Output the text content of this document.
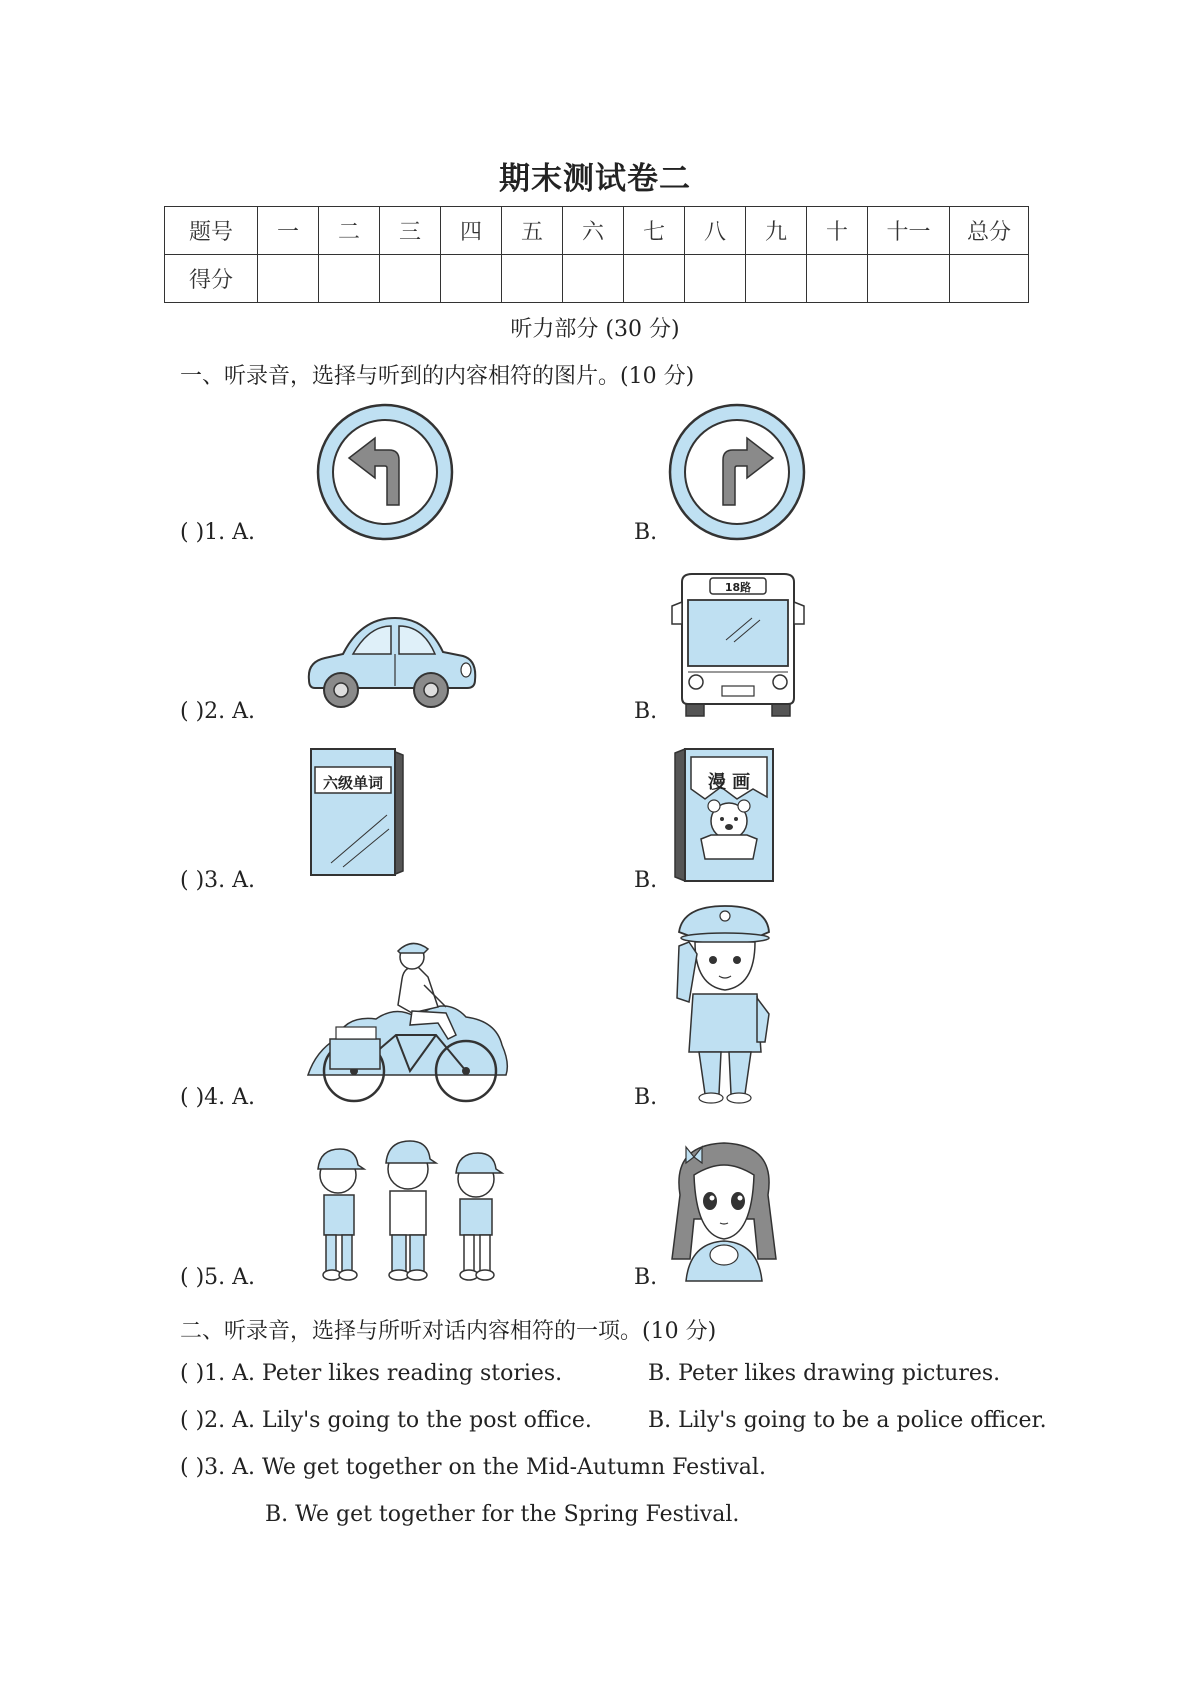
期末测试卷二
题号	一	二	三	四	五	六	七	八	九	十	十一	总分
得分												
听力部分 (30 分)
一、听录音，选择与听到的内容相符的图片。(10 分)
( )1. A.	B.
( )2. A.	B.
( )3. A.	B.
( )4. A.	B.
( )5. A.	B.
18路
六级单词	漫 画
二、听录音，选择与所听对话内容相符的一项。(10 分)
( )1. A. Peter likes reading stories.	B. Peter likes drawing pictures.
( )2. A. Lily's going to the post office.	B. Lily's going to be a police officer.
( )3. A. We get together on the Mid-Autumn Festival.
B. We get together for the Spring Festival.
